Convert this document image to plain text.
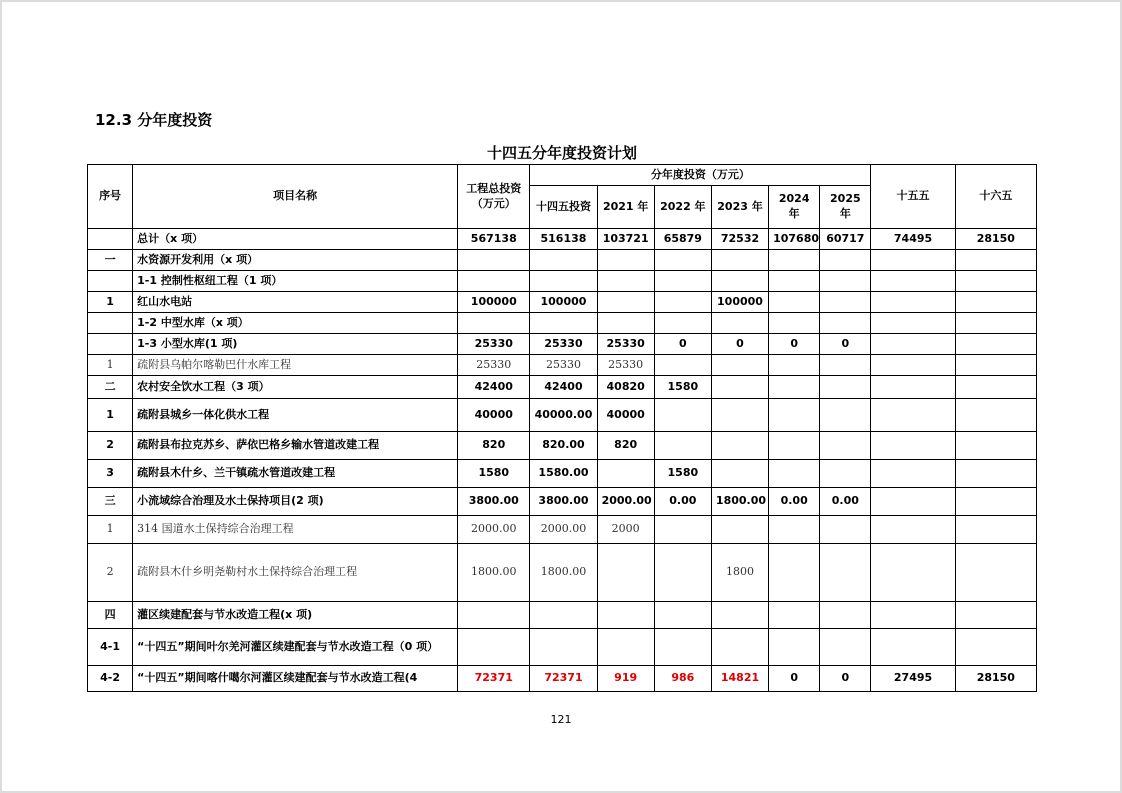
12.3 分年度投资
十四五分年度投资计划
序号	项目名称	工程总投资（万元）	分年度投资（万元）						十五五	十六五
			十四五投资	2021 年	2022 年	2023 年	2024 年	2025 年		
	总计（x 项）	567138	516138	103721	65879	72532	107680	60717	74495	28150
一	水资源开发利用（x 项）									
	1-1 控制性枢纽工程（1 项）									
1	红山水电站	100000	100000			100000				
	1-2 中型水库（x 项）									
	1-3 小型水库(1 项)	25330	25330	25330	0	0	0	0		
1	疏附县乌帕尔喀勒巴什水库工程	25330	25330	25330						
二	农村安全饮水工程（3 项）	42400	42400	40820	1580					
1	疏附县城乡一体化供水工程	40000	40000.00	40000						
2	疏附县布拉克苏乡、萨依巴格乡输水管道改建工程	820	820.00	820						
3	疏附县木什乡、兰干镇疏水管道改建工程	1580	1580.00		1580					
三	小流域综合治理及水土保持项目(2 项)	3800.00	3800.00	2000.00	0.00	1800.00	0.00	0.00		
1	314 国道水土保持综合治理工程	2000.00	2000.00	2000						
2	疏附县木什乡明尧勒村水土保持综合治理工程	1800.00	1800.00			1800				
四	灌区续建配套与节水改造工程(x 项)									
4-1	“十四五”期间叶尔羌河灌区续建配套与节水改造工程（0 项）									
4-2	“十四五”期间喀什噶尔河灌区续建配套与节水改造工程(4	72371	72371	919	986	14821	0	0	27495	28150
121
